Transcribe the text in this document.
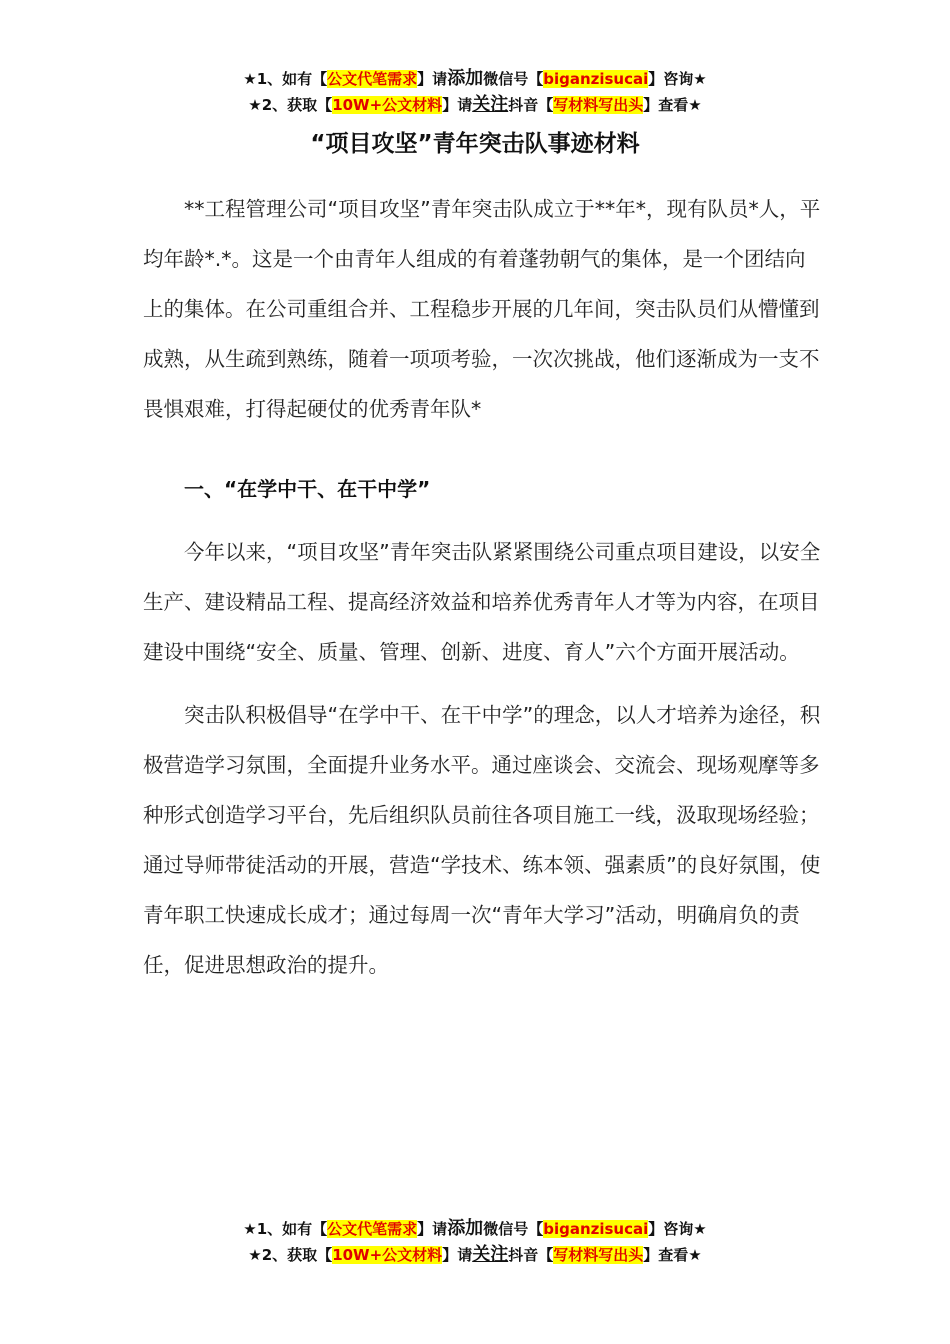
★1、如有【公文代笔需求】请添加微信号【biganzisucai】咨询★
★2、获取【10W+公文材料】请关注抖音【写材料写出头】查看★
“项目攻坚”青年突击队事迹材料

**工程管理公司“项目攻坚”青年突击队成立于**年*，现有队员*人，平均年龄*.*。这是一个由青年人组成的有着蓬勃朝气的集体，是一个团结向上的集体。在公司重组合并、工程稳步开展的几年间，突击队员们从懵懂到成熟，从生疏到熟练，随着一项项考验，一次次挑战，他们逐渐成为一支不畏惧艰难，打得起硬仗的优秀青年队*

一、“在学中干、在干中学”

今年以来，“项目攻坚”青年突击队紧紧围绕公司重点项目建设，以安全生产、建设精品工程、提高经济效益和培养优秀青年人才等为内容，在项目建设中围绕“安全、质量、管理、创新、进度、育人”六个方面开展活动。

突击队积极倡导“在学中干、在干中学”的理念，以人才培养为途径，积极营造学习氛围，全面提升业务水平。通过座谈会、交流会、现场观摩等多种形式创造学习平台，先后组织队员前往各项目施工一线，汲取现场经验；通过导师带徒活动的开展，营造“学技术、练本领、强素质”的良好氛围，使青年职工快速成长成才；通过每周一次“青年大学习”活动，明确肩负的责任，促进思想政治的提升。

★1、如有【公文代笔需求】请添加微信号【biganzisucai】咨询★
★2、获取【10W+公文材料】请关注抖音【写材料写出头】查看★
